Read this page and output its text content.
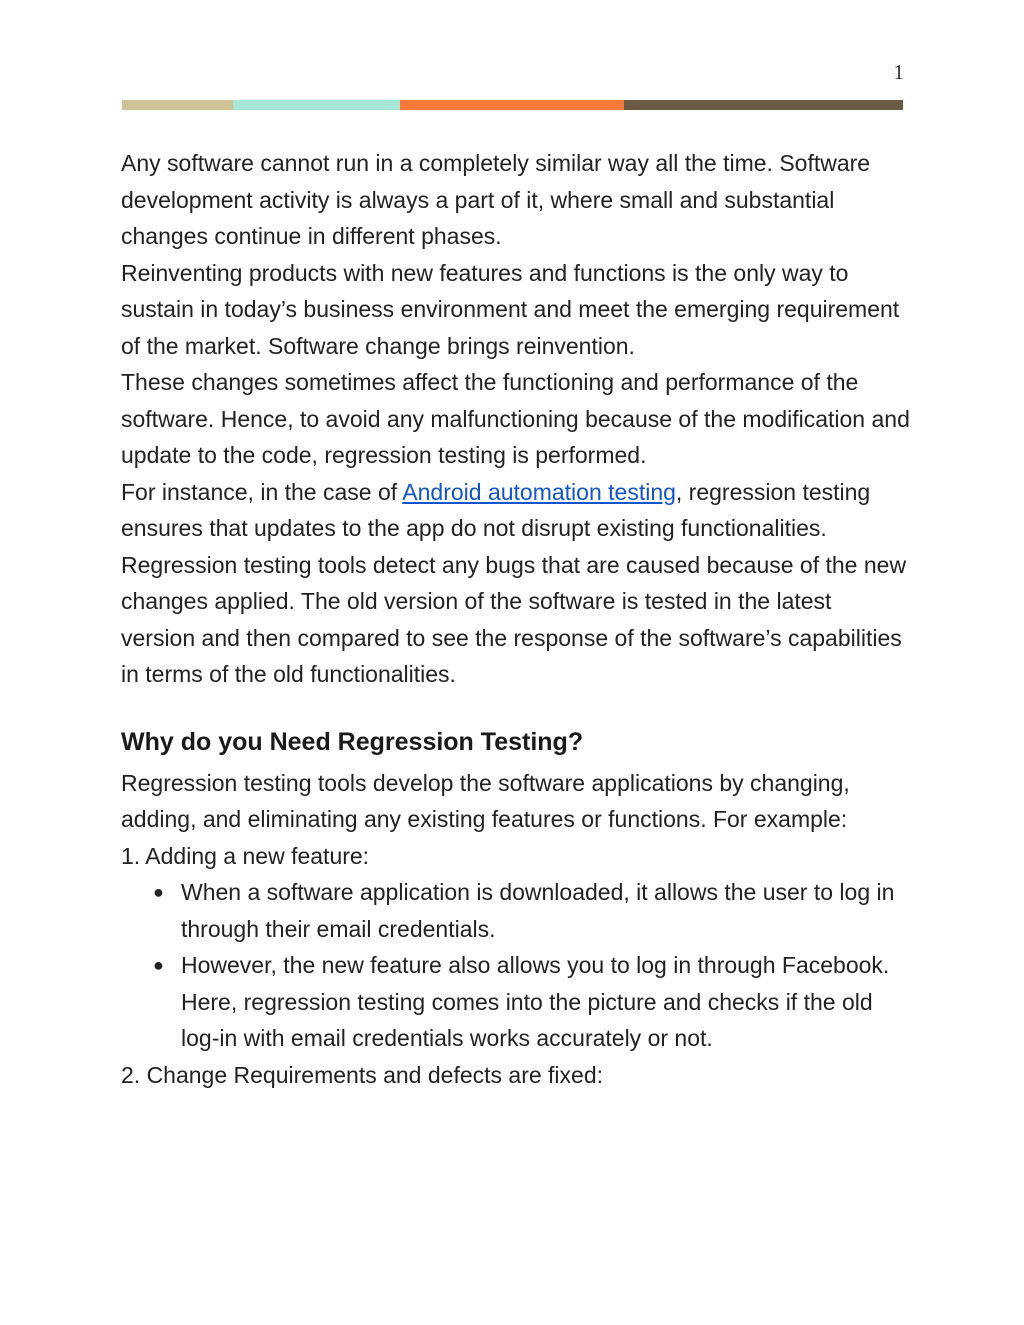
1

Any software cannot run in a completely similar way all the time. Software development activity is always a part of it, where small and substantial changes continue in different phases.

Reinventing products with new features and functions is the only way to sustain in today’s business environment and meet the emerging requirement of the market. Software change brings reinvention.

These changes sometimes affect the functioning and performance of the software. Hence, to avoid any malfunctioning because of the modification and update to the code, regression testing is performed.

For instance, in the case of Android automation testing, regression testing ensures that updates to the app do not disrupt existing functionalities.

Regression testing tools detect any bugs that are caused because of the new changes applied. The old version of the software is tested in the latest version and then compared to see the response of the software’s capabilities in terms of the old functionalities.

Why do you Need Regression Testing?

Regression testing tools develop the software applications by changing, adding, and eliminating any existing features or functions. For example:

1. Adding a new feature:

● When a software application is downloaded, it allows the user to log in through their email credentials.
● However, the new feature also allows you to log in through Facebook. Here, regression testing comes into the picture and checks if the old log-in with email credentials works accurately or not.

2. Change Requirements and defects are fixed:
